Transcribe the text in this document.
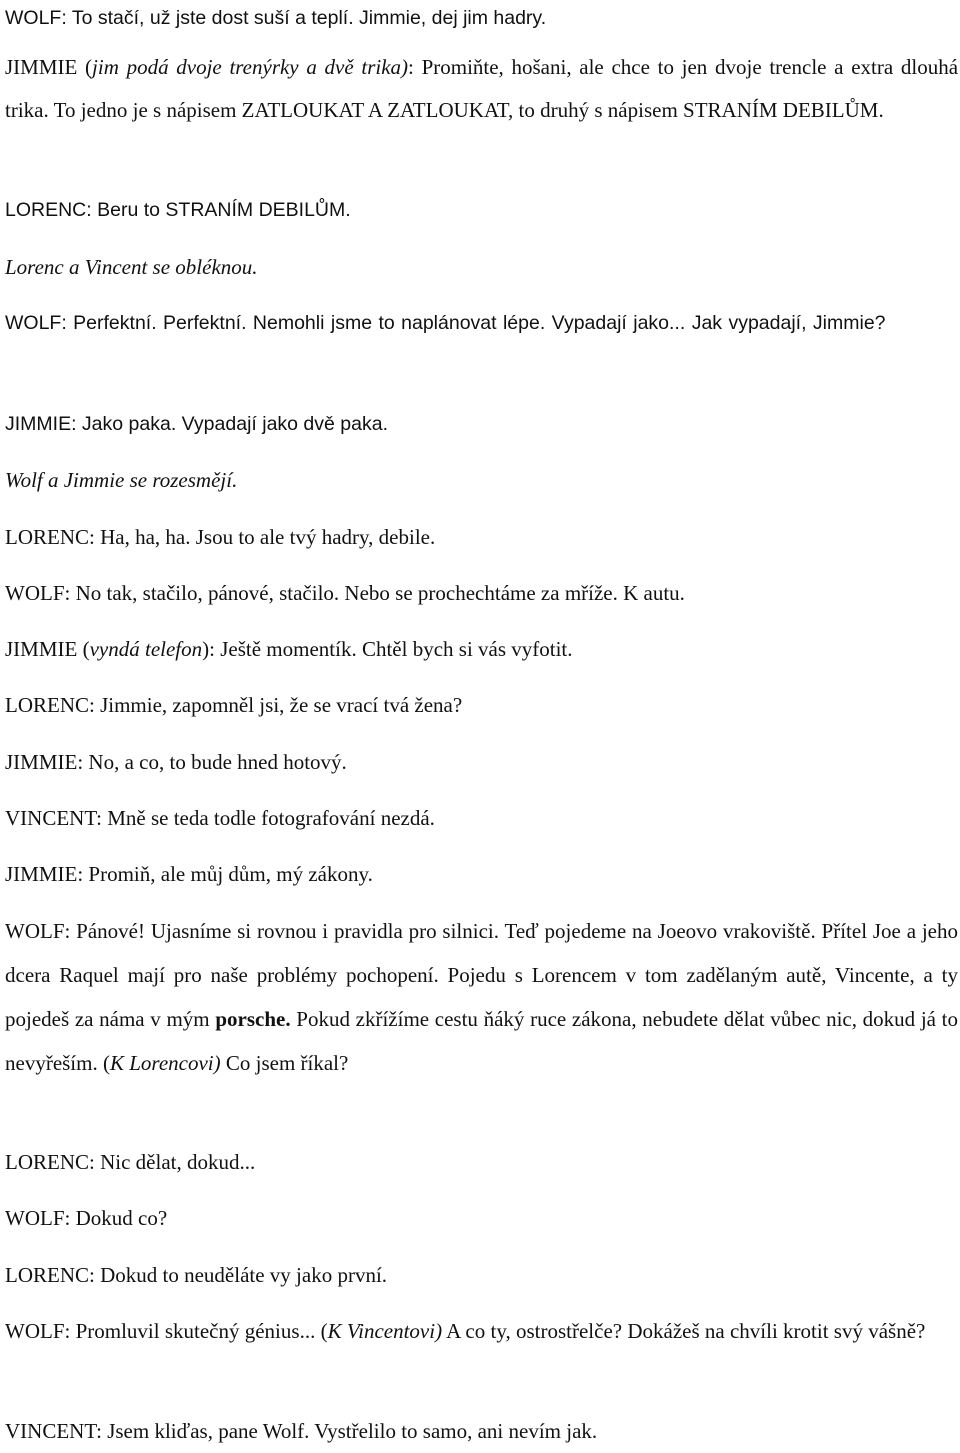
WOLF: To stačí, už jste dost suší a teplí. Jimmie, dej jim hadry.

JIMMIE (jim podá dvoje trenýrky a dvě trika): Promiňte, hošani, ale chce to jen dvoje trencle a extra dlouhá trika. To jedno je s nápisem ZATLOUKAT A ZATLOUKAT, to druhý s nápisem STRANÍM DEBILŮM.

LORENC: Beru to STRANÍM DEBILŮM.

Lorenc a Vincent se obléknou.

WOLF: Perfektní. Perfektní. Nemohli jsme to naplánovat lépe. Vypadají jako... Jak vypadají, Jimmie?

JIMMIE: Jako paka. Vypadají jako dvě paka.

Wolf a Jimmie se rozesmějí.

LORENC: Ha, ha, ha. Jsou to ale tvý hadry, debile.

WOLF: No tak, stačilo, pánové, stačilo. Nebo se prochechtáme za mříže. K autu.

JIMMIE (vyndá telefon): Ještě momentík. Chtěl bych si vás vyfotit.

LORENC: Jimmie, zapomněl jsi, že se vrací tvá žena?

JIMMIE: No, a co, to bude hned hotový.

VINCENT: Mně se teda todle fotografování nezdá.

JIMMIE: Promiň, ale můj dům, mý zákony.

WOLF: Pánové! Ujasníme si rovnou i pravidla pro silnici. Teď pojedeme na Joeovo vrakoviště. Přítel Joe a jeho dcera Raquel mají pro naše problémy pochopení. Pojedu s Lorencem v tom zadělaným autě, Vincente, a ty pojedeš za náma v mým porsche. Pokud zkřížíme cestu ňáký ruce zákona, nebudete dělat vůbec nic, dokud já to nevyřeším. (K Lorencovi) Co jsem říkal?

LORENC: Nic dělat, dokud...

WOLF: Dokud co?

LORENC: Dokud to neuděláte vy jako první.

WOLF: Promluvil skutečný génius... (K Vincentovi) A co ty, ostrostřelče? Dokážeš na chvíli krotit svý vášně?

VINCENT: Jsem kliďas, pane Wolf. Vystřelilo to samo, ani nevím jak.
